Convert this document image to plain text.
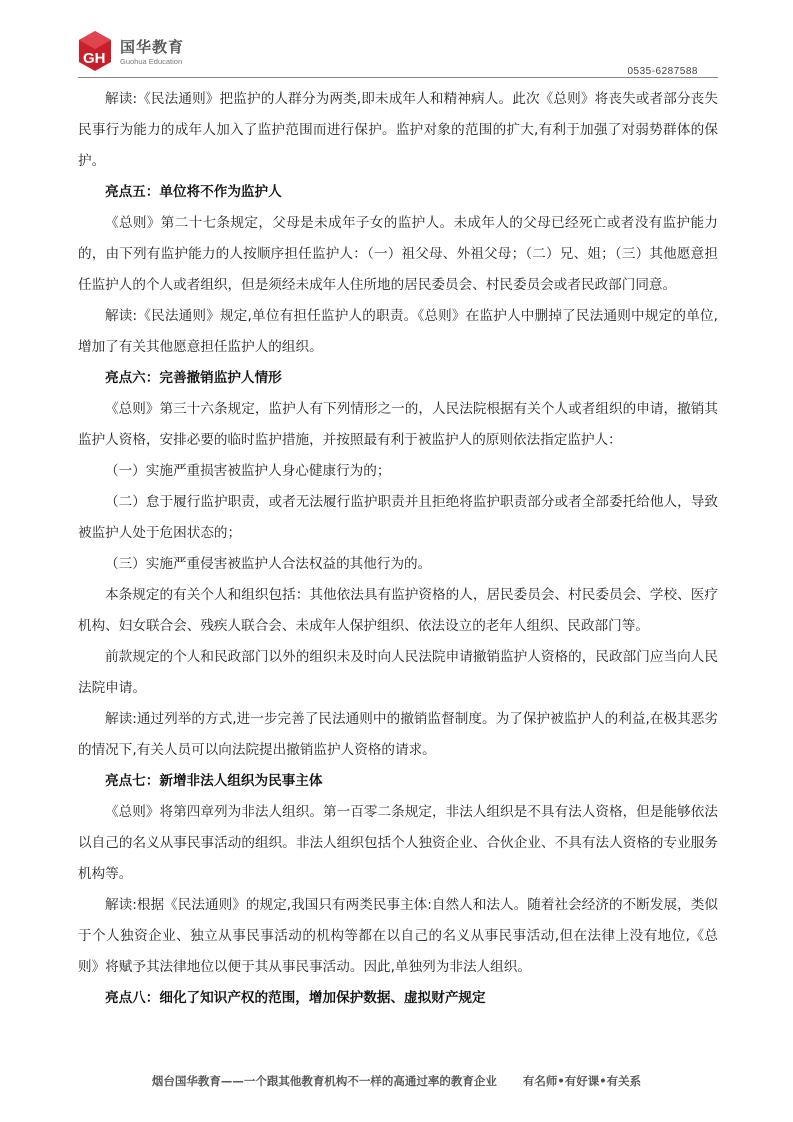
GH
国华教育
Guohua Education
0535-6287588

解读:《民法通则》把监护的人群分为两类,即未成年人和精神病人。此次《总则》将丧失或者部分丧失民事行为能力的成年人加入了监护范围而进行保护。监护对象的范围的扩大,有利于加强了对弱势群体的保护。

亮点五：单位将不作为监护人

《总则》第二十七条规定，父母是未成年子女的监护人。未成年人的父母已经死亡或者没有监护能力的，由下列有监护能力的人按顺序担任监护人：（一）祖父母、外祖父母；（二）兄、姐；（三）其他愿意担任监护人的个人或者组织，但是须经未成年人住所地的居民委员会、村民委员会或者民政部门同意。

解读:《民法通则》规定,单位有担任监护人的职责。《总则》在监护人中删掉了民法通则中规定的单位,增加了有关其他愿意担任监护人的组织。

亮点六：完善撤销监护人情形

《总则》第三十六条规定，监护人有下列情形之一的，人民法院根据有关个人或者组织的申请，撤销其监护人资格，安排必要的临时监护措施，并按照最有利于被监护人的原则依法指定监护人：

（一）实施严重损害被监护人身心健康行为的；

（二）怠于履行监护职责，或者无法履行监护职责并且拒绝将监护职责部分或者全部委托给他人，导致被监护人处于危困状态的；

（三）实施严重侵害被监护人合法权益的其他行为的。

本条规定的有关个人和组织包括：其他依法具有监护资格的人，居民委员会、村民委员会、学校、医疗机构、妇女联合会、残疾人联合会、未成年人保护组织、依法设立的老年人组织、民政部门等。

前款规定的个人和民政部门以外的组织未及时向人民法院申请撤销监护人资格的，民政部门应当向人民法院申请。

解读:通过列举的方式,进一步完善了民法通则中的撤销监督制度。为了保护被监护人的利益,在极其恶劣的情况下,有关人员可以向法院提出撤销监护人资格的请求。

亮点七：新增非法人组织为民事主体

《总则》将第四章列为非法人组织。第一百零二条规定，非法人组织是不具有法人资格，但是能够依法以自己的名义从事民事活动的组织。非法人组织包括个人独资企业、合伙企业、不具有法人资格的专业服务机构等。

解读:根据《民法通则》的规定,我国只有两类民事主体:自然人和法人。随着社会经济的不断发展，类似于个人独资企业、独立从事民事活动的机构等都在以自己的名义从事民事活动,但在法律上没有地位,《总则》将赋予其法律地位以便于其从事民事活动。因此,单独列为非法人组织。

亮点八：细化了知识产权的范围，增加保护数据、虚拟财产规定

烟台国华教育——一个跟其他教育机构不一样的高通过率的教育企业 有名师•有好课•有关系
